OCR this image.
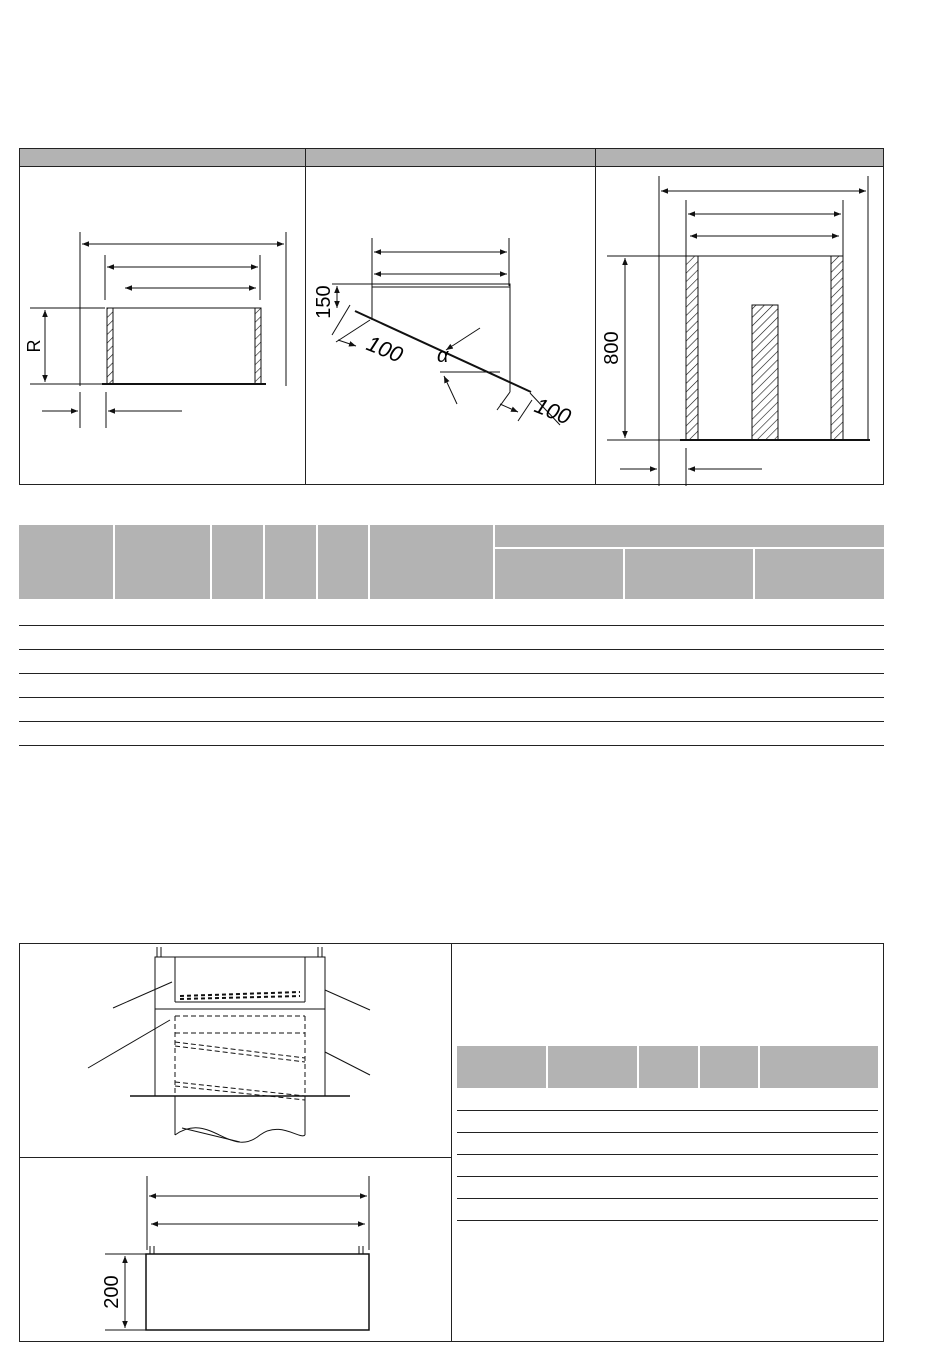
R
150
100
100
α	800
200
